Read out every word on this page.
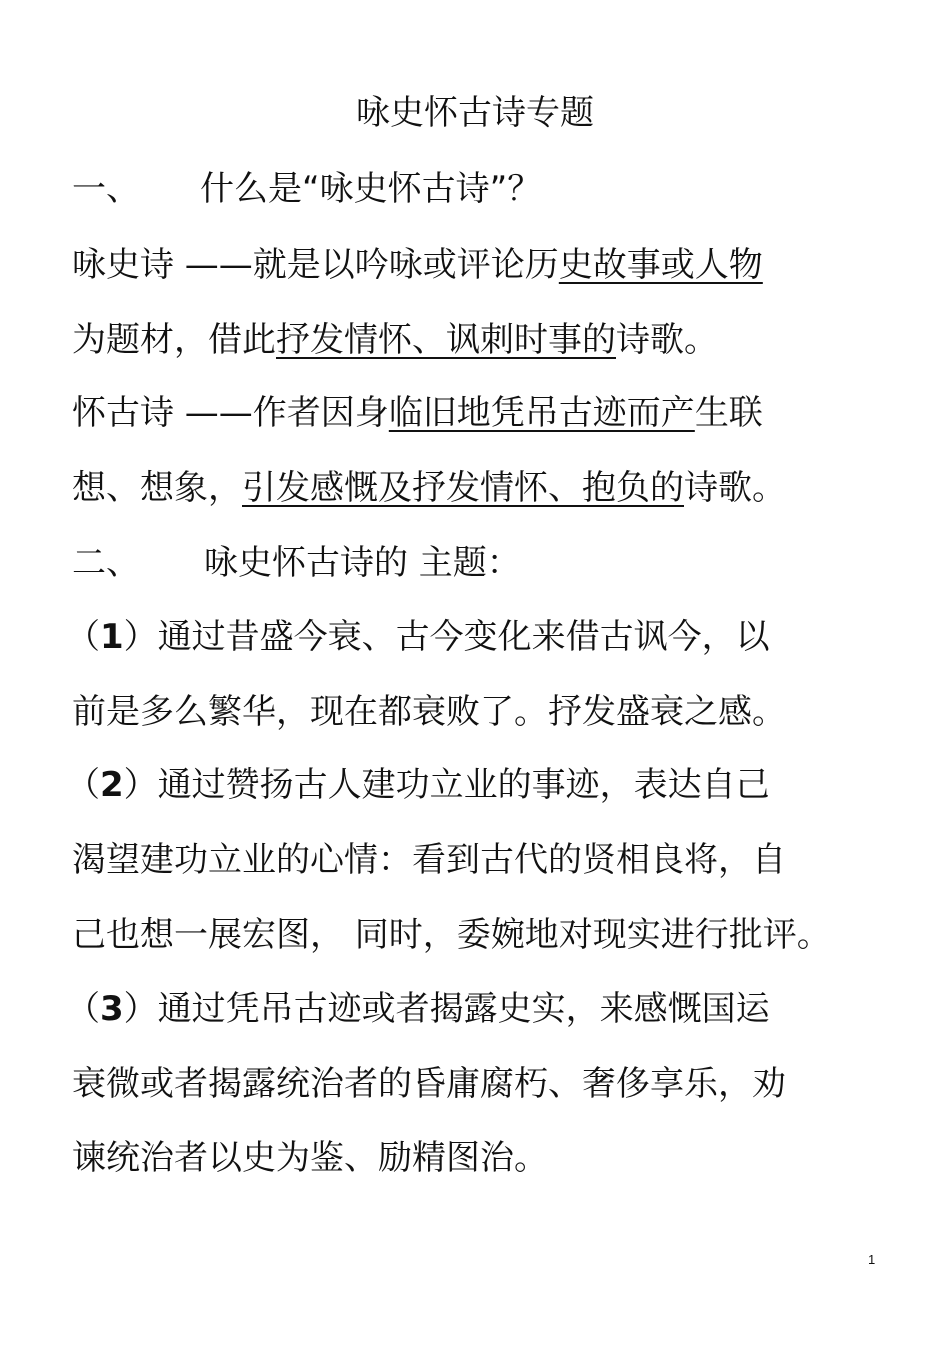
咏史怀古诗专题
一、 什么是“咏史怀古诗”？
咏史诗 ——就是以吟咏或评论历史故事或人物
为题材，借此抒发情怀、讽刺时事的诗歌。
怀古诗 ——作者因身临旧地凭吊古迹而产生联
想、想象，引发感慨及抒发情怀、抱负的诗歌。
二、 咏史怀古诗的 主题：
（1）通过昔盛今衰、古今变化来借古讽今，以
前是多么繁华，现在都衰败了。抒发盛衰之感。
（2）通过赞扬古人建功立业的事迹，表达自己
渴望建功立业的心情：看到古代的贤相良将，自
己也想一展宏图， 同时，委婉地对现实进行批评。
（3）通过凭吊古迹或者揭露史实，来感慨国运
衰微或者揭露统治者的昏庸腐朽、奢侈享乐，劝
谏统治者以史为鉴、励精图治。
1
